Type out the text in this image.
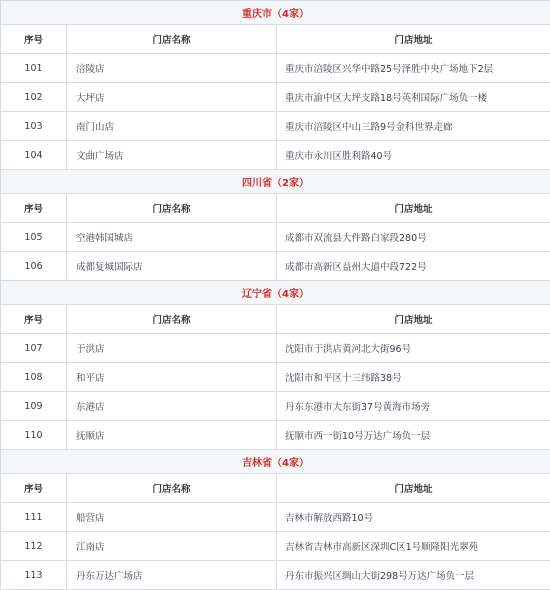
重庆市（4家）		
序号	门店名称	门店地址
101	涪陵店	重庆市涪陵区兴华中路25号泽胜中央广场地下2层
102	大坪店	重庆市渝中区大坪支路18号英利国际广场负一楼
103	南门山店	重庆市涪陵区中山三路9号金科世界走廊
104	文曲广场店	重庆市永川区胜利路40号
四川省（2家）		
序号	门店名称	门店地址
105	空港韩国城店	成都市双流县大件路白家段280号
106	成都复城国际店	成都市高新区益州大道中段722号
辽宁省（4家）		
序号	门店名称	门店地址
107	于洪店	沈阳市于洪店黄河北大街96号
108	和平店	沈阳市和平区十三纬路38号
109	东港店	丹东东港市大东街37号黄海市场旁
110	抚顺店	抚顺市西一街10号万达广场负一层
吉林省（4家）		
序号	门店名称	门店地址
111	船营店	吉林市解放西路10号
112	江南店	吉林省吉林市高新区深圳C区1号顺隆阳光翠苑
113	丹东万达广场店	丹东市振兴区绸山大街298号万达广场负一层
